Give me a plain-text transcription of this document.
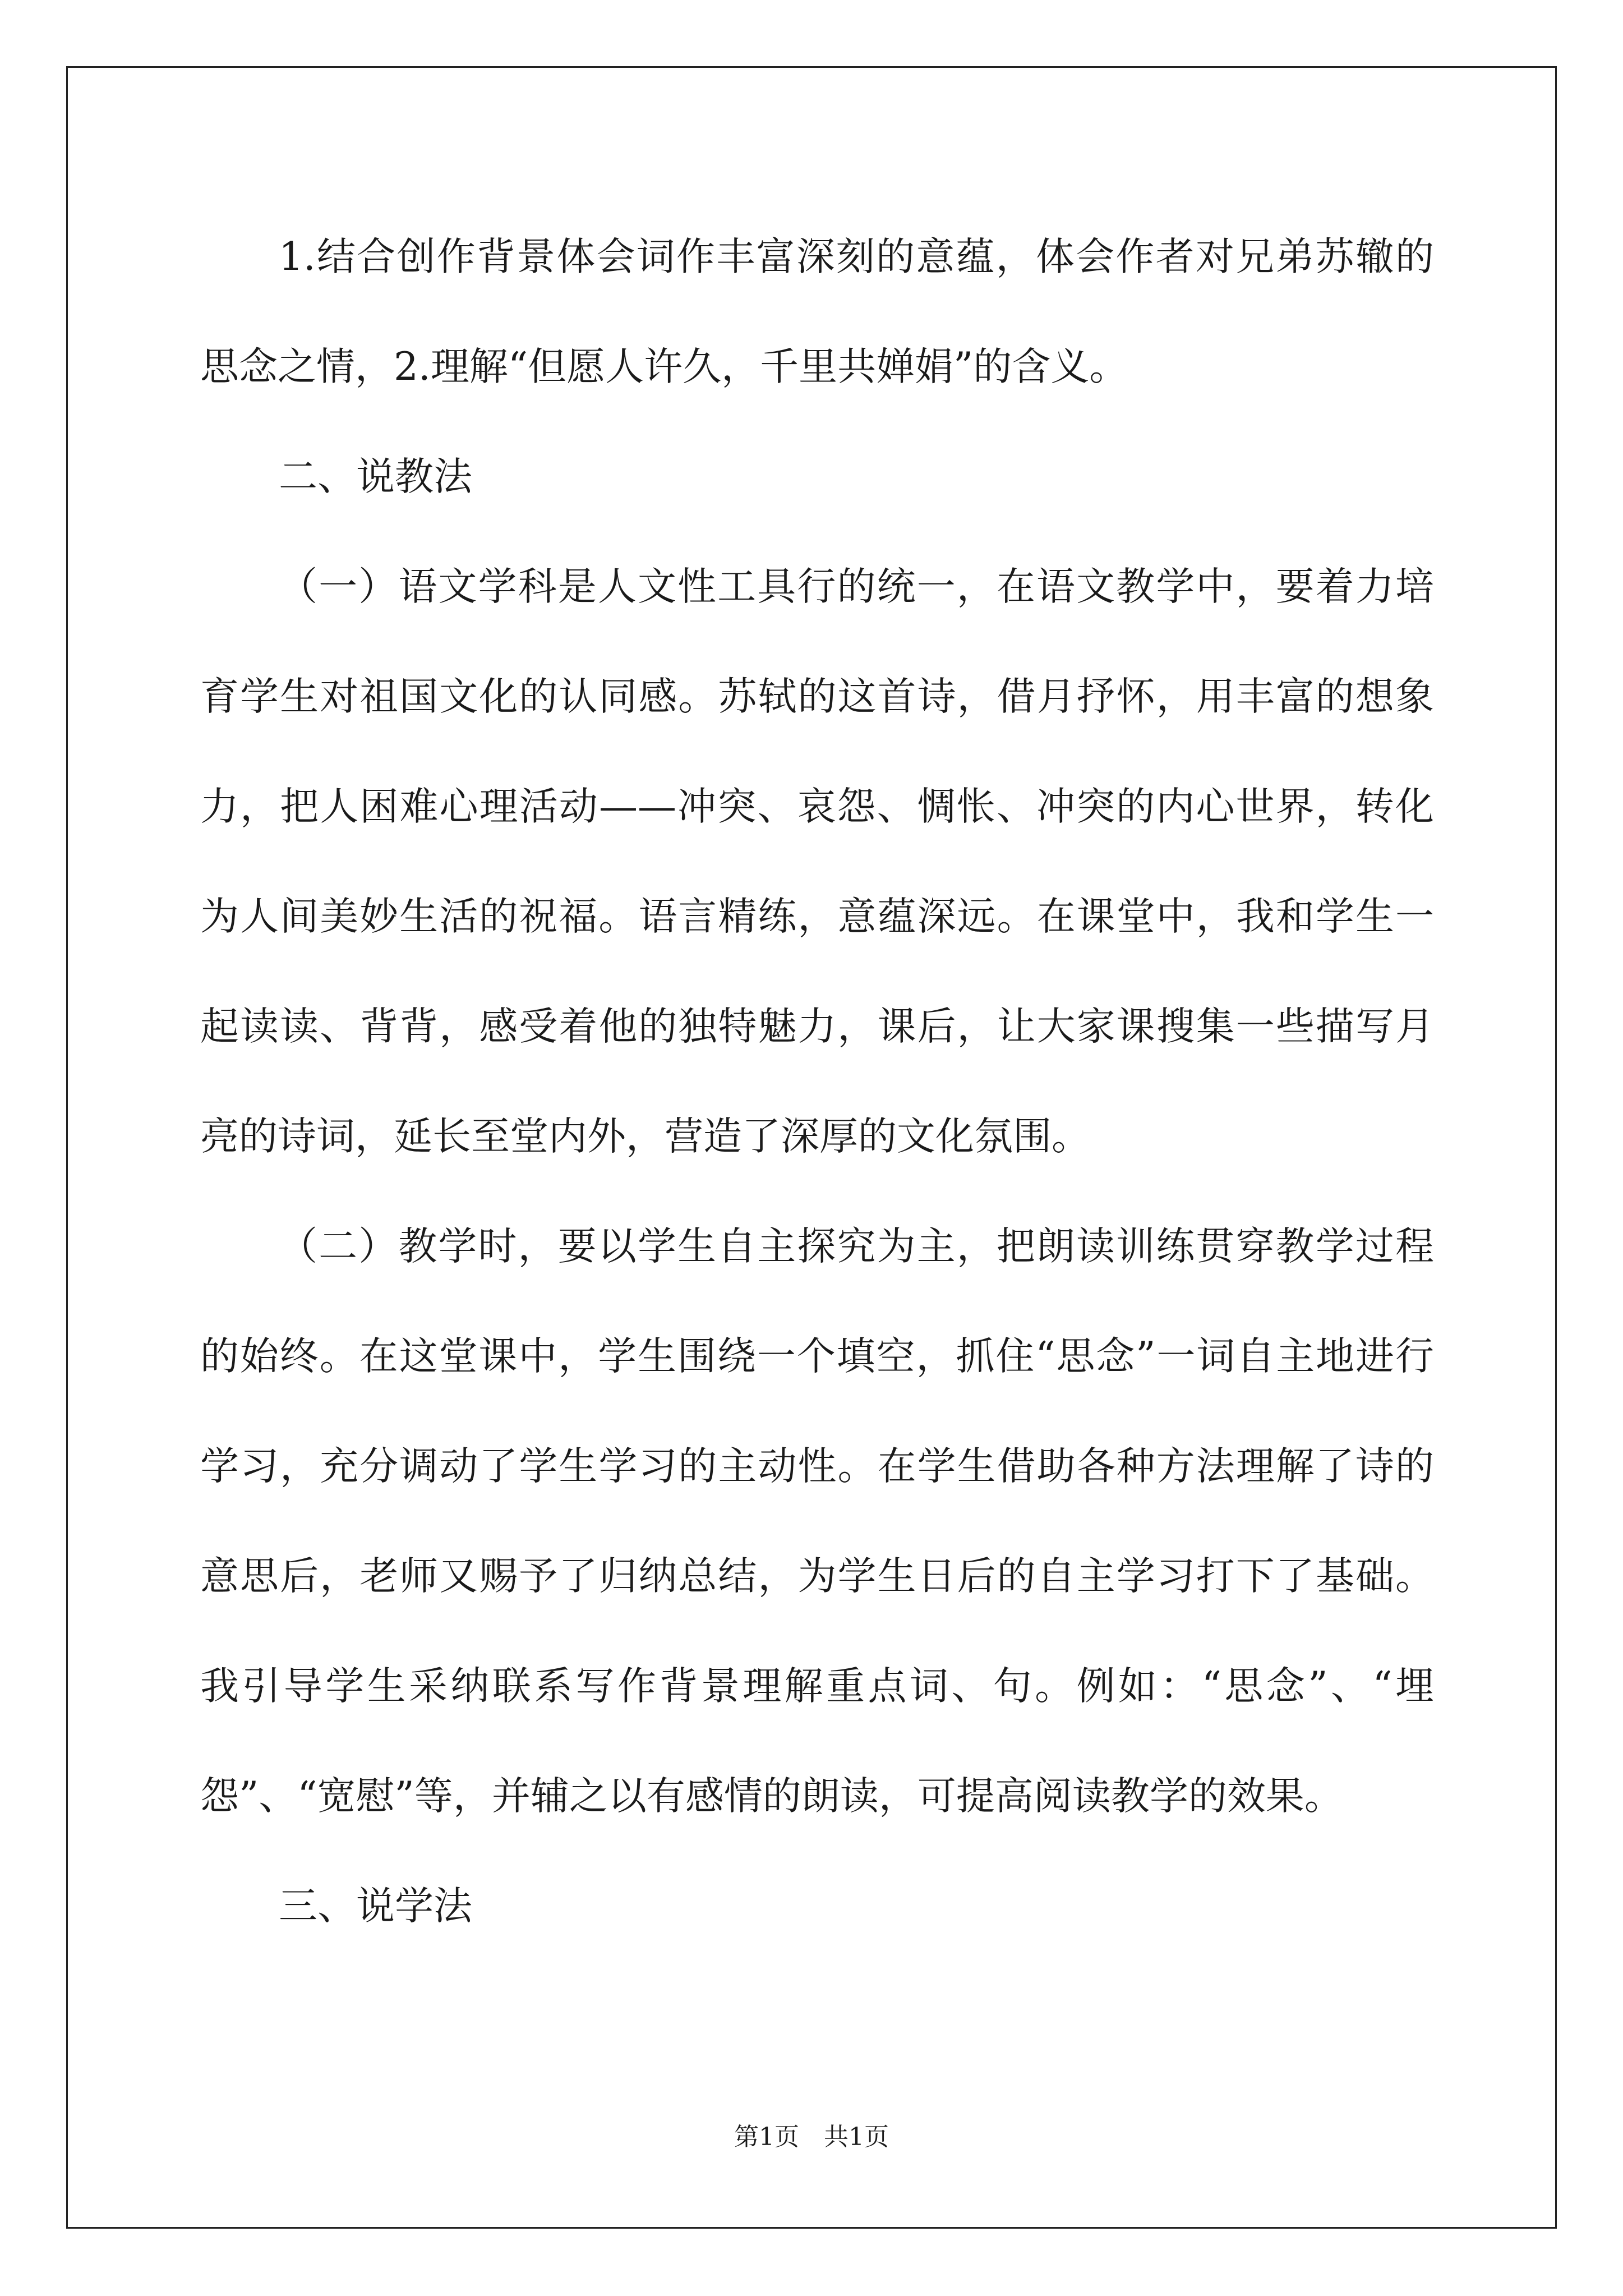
1.结合创作背景体会词作丰富深刻的意蕴，体会作者对兄弟苏辙的思念之情，2.理解“但愿人许久，千里共婵娟”的含义。

二、说教法

（一）语文学科是人文性工具行的统一，在语文教学中，要着力培育学生对祖国文化的认同感。苏轼的这首诗，借月抒怀，用丰富的想象力，把人困难心理活动——冲突、哀怨、惆怅、冲突的内心世界，转化为人间美妙生活的祝福。语言精练，意蕴深远。在课堂中，我和学生一起读读、背背，感受着他的独特魅力，课后，让大家课搜集一些描写月亮的诗词，延长至堂内外，营造了深厚的文化氛围。

（二）教学时，要以学生自主探究为主，把朗读训练贯穿教学过程的始终。在这堂课中，学生围绕一个填空，抓住“思念”一词自主地进行学习，充分调动了学生学习的主动性。在学生借助各种方法理解了诗的意思后，老师又赐予了归纳总结，为学生日后的自主学习打下了基础。我引导学生采纳联系写作背景理解重点词、句。例如：“思念”、“埋怨”、“宽慰”等，并辅之以有感情的朗读，可提高阅读教学的效果。

三、说学法

第1页　共1页
